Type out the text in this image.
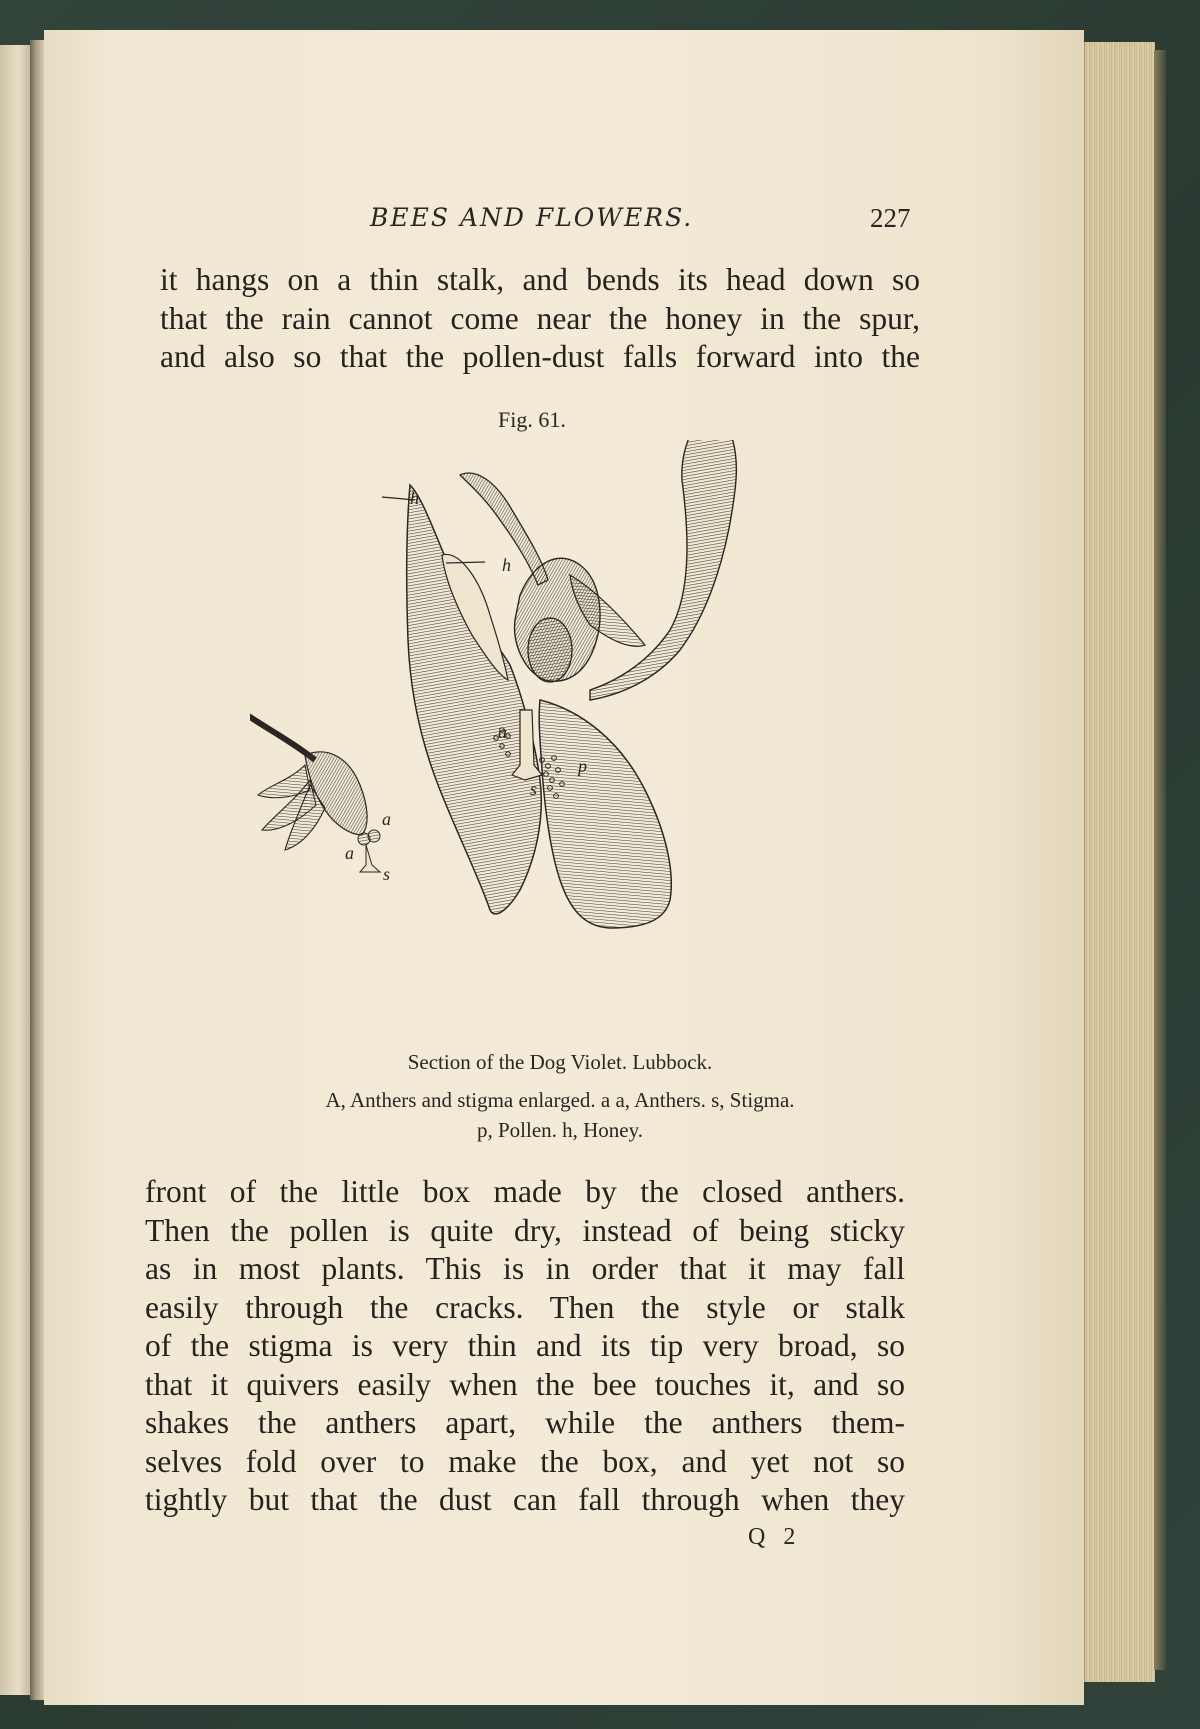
BEES AND FLOWERS.	227
it hangs on a thin stalk, and bends its head down so
that the rain cannot come near the honey in the spur,
and also so that the pollen-dust falls forward into the
Fig. 61.
h
h
a
p
s
a
a
s
Section of the Dog Violet. Lubbock.
A, Anthers and stigma enlarged. a a, Anthers. s, Stigma.
p, Pollen. h, Honey.
front of the little box made by the closed anthers.
Then the pollen is quite dry, instead of being sticky
as in most plants. This is in order that it may fall
easily through the cracks. Then the style or stalk
of the stigma is very thin and its tip very broad, so
that it quivers easily when the bee touches it, and so
shakes the anthers apart, while the anthers them-
selves fold over to make the box, and yet not so
tightly but that the dust can fall through when they
Q 2
